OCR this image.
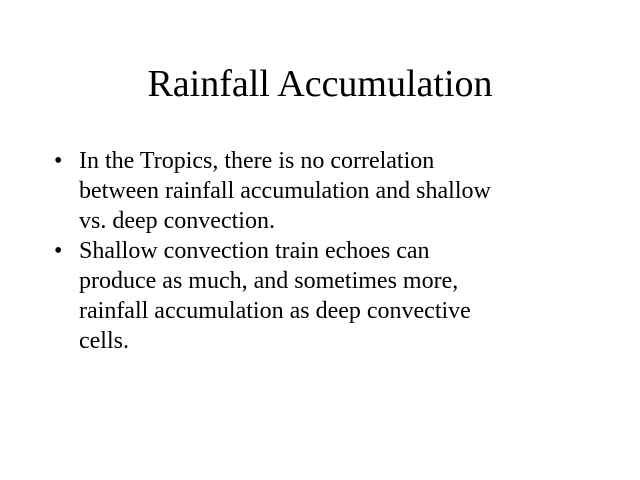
Rainfall Accumulation
• In the Tropics, there is no correlation
between rainfall accumulation and shallow
vs. deep convection.
• Shallow convection train echoes can
produce as much, and sometimes more,
rainfall accumulation as deep convective
cells.
